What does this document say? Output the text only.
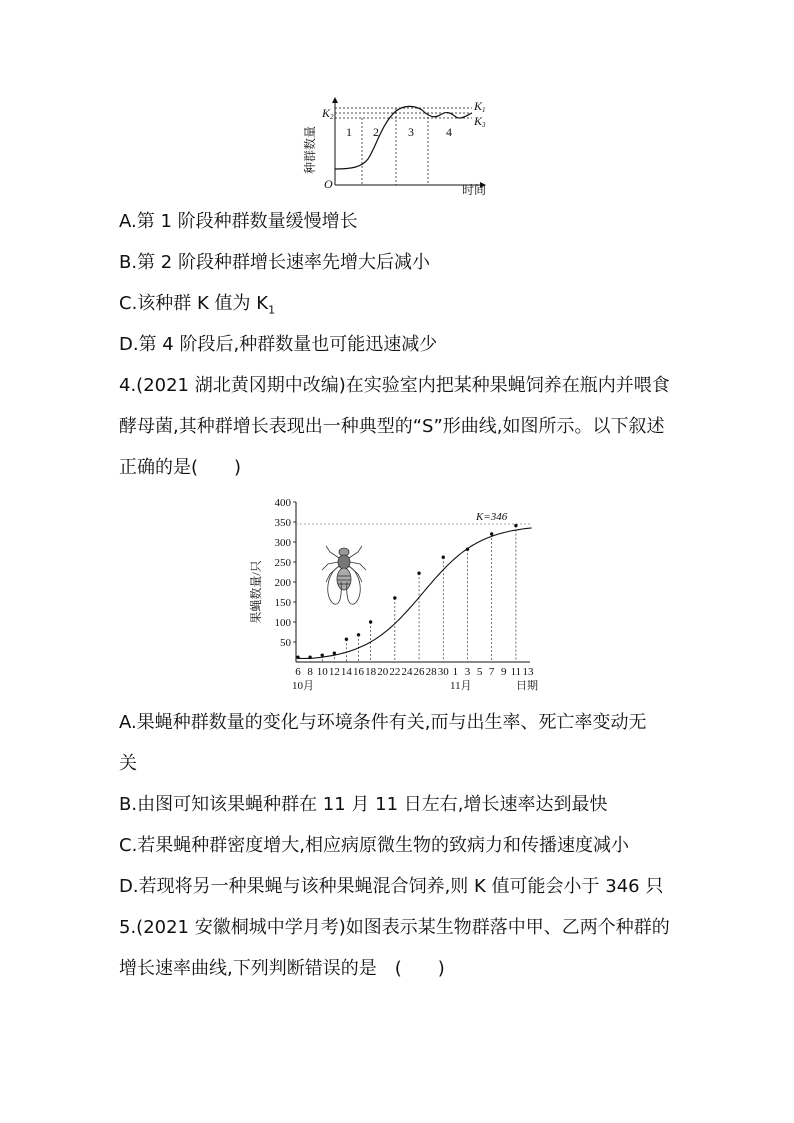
种群数量
O	时间
K2
K1
K3
1 2 3	4
A.第 1 阶段种群数量缓慢增长
B.第 2 阶段种群增长速率先增大后减小
C.该种群 K 值为 $K_1$
D.第 4 阶段后,种群数量也可能迅速减少
4.(2021 湖北黄冈期中改编)在实验室内把某种果蝇饲养在瓶内并喂食
酵母菌,其种群增长表现出一种典型的“S”形曲线,如图所示。以下叙述
正确的是(　　)
50
100
150
200
250
300
350
400
6 8 10 12 14 16 18 20 22 24 26 28 30 1 3 5 7 9 11 13
K=346
果蝇数量/只
日期
10月	11月
A.果蝇种群数量的变化与环境条件有关,而与出生率、死亡率变动无
关
B.由图可知该果蝇种群在 11 月 11 日左右,增长速率达到最快
C.若果蝇种群密度增大,相应病原微生物的致病力和传播速度减小
D.若现将另一种果蝇与该种果蝇混合饲养,则 K 值可能会小于 346 只
5.(2021 安徽桐城中学月考)如图表示某生物群落中甲、乙两个种群的
增长速率曲线,下列判断错误的是　(　　)
